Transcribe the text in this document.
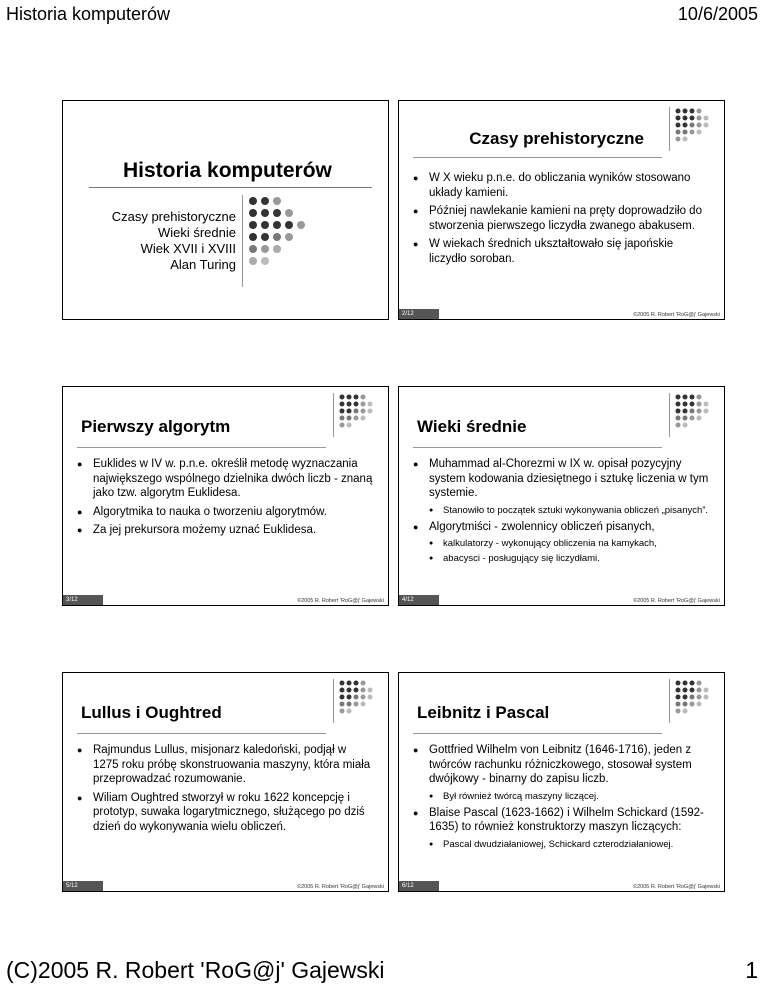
Historia komputerów	10/6/2005
Historia komputerów
Czasy prehistoryczne
Wieki średnie
Wiek XVII i XVIII
Alan Turing
Czasy prehistoryczne
● W X wieku p.n.e. do obliczania wyników stosowano układy kamieni.
● Później nawlekanie kamieni na pręty doprowadziło do stworzenia pierwszego liczydła zwanego abakusem.
● W wiekach średnich ukształtowało się japońskie liczydło soroban.
2/12	©2005 R. Robert 'RoG@j' Gajewski
Pierwszy algorytm
● Euklides w IV w. p.n.e. określił metodę wyznaczania największego wspólnego dzielnika dwóch liczb - znaną jako tzw. algorytm Euklidesa.
● Algorytmika to nauka o tworzeniu algorytmów.
● Za jej prekursora możemy uznać Euklidesa.
3/12	©2005 R. Robert 'RoG@j' Gajewski
Wieki średnie
● Muhammad al-Chorezmi w IX w. opisał pozycyjny system kodowania dziesiętnego i sztukę liczenia w tym systemie.
● Stanowiło to początek sztuki wykonywania obliczeń „pisanych”.
● Algorytmiści - zwolennicy obliczeń pisanych,
● kalkulatorzy - wykonujący obliczenia na kamykach,
● abacysci - posługujący się liczydłami.
4/12	©2005 R. Robert 'RoG@j' Gajewski
Lullus i Oughtred
● Rajmundus Lullus, misjonarz kaledoński, podjął w 1275 roku próbę skonstruowania maszyny, która miała przeprowadzać rozumowanie.
● Wiliam Oughtred stworzył w roku 1622 koncepcję i prototyp, suwaka logarytmicznego, służącego po dziś dzień do wykonywania wielu obliczeń.
5/12	©2005 R. Robert 'RoG@j' Gajewski
Leibnitz i Pascal
● Gottfried Wilhelm von Leibnitz (1646-1716), jeden z twórców rachunku różniczkowego, stosował system dwójkowy - binarny do zapisu liczb.
● Był również twórcą maszyny liczącej.
● Blaise Pascal (1623-1662) i Wilhelm Schickard (1592-1635) to również konstruktorzy maszyn liczących:
● Pascal dwudziałaniowej, Schickard czterodziałaniowej.
6/12	©2005 R. Robert 'RoG@j' Gajewski
(C)2005 R. Robert 'RoG@j' Gajewski	1
